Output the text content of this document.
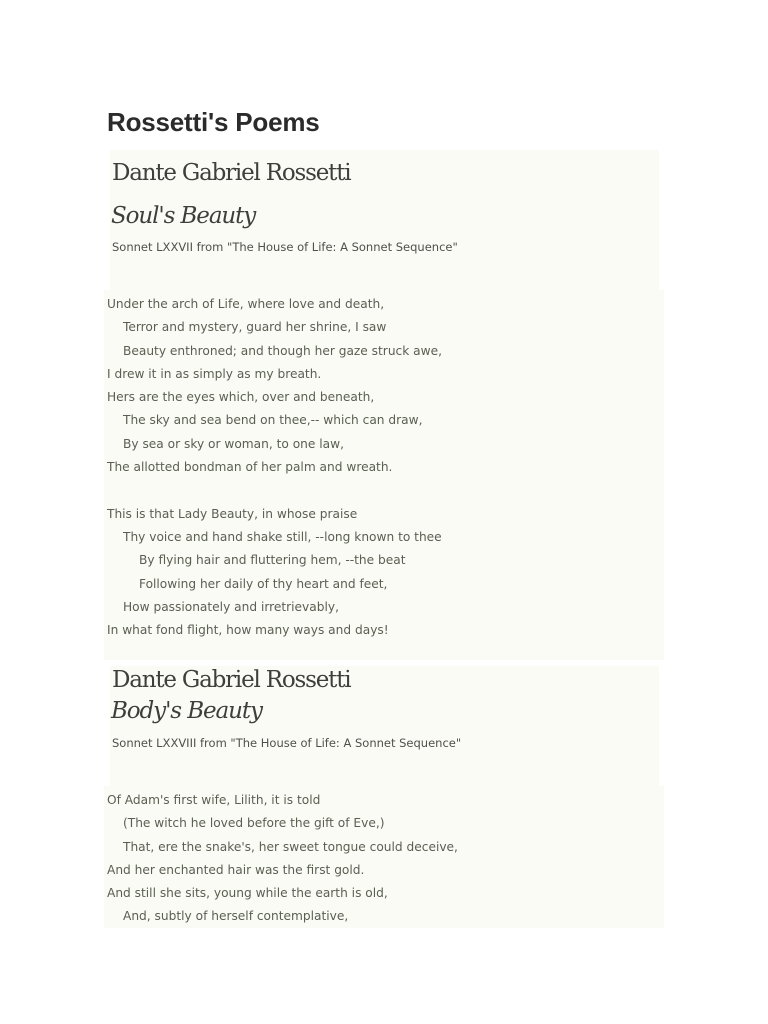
Rossetti's Poems
Dante Gabriel Rossetti
Soul's Beauty

Sonnet LXXVII from "The House of Life: A Sonnet Sequence"

Under the arch of Life, where love and death,
Terror and mystery, guard her shrine, I saw
Beauty enthroned; and though her gaze struck awe,
I drew it in as simply as my breath.
Hers are the eyes which, over and beneath,
The sky and sea bend on thee,-- which can draw,
By sea or sky or woman, to one law,
The allotted bondman of her palm and wreath.
This is that Lady Beauty, in whose praise
Thy voice and hand shake still, --long known to thee
By flying hair and fluttering hem, --the beat
Following her daily of thy heart and feet,
How passionately and irretrievably,
In what fond flight, how many ways and days!
Dante Gabriel Rossetti
Body's Beauty

Sonnet LXXVIII from "The House of Life: A Sonnet Sequence"

Of Adam's first wife, Lilith, it is told
(The witch he loved before the gift of Eve,)
That, ere the snake's, her sweet tongue could deceive,
And her enchanted hair was the first gold.
And still she sits, young while the earth is old,
And, subtly of herself contemplative,
